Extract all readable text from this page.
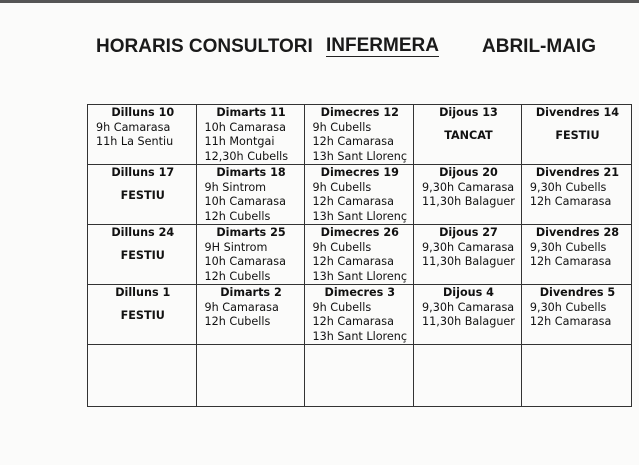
HORARIS CONSULTORI INFERMERA ABRIL-MAIG
Dilluns 10
9h Camarasa
11h La Sentiu	Dimarts 11
10h Camarasa
11h Montgai
12,30h Cubells	Dimecres 12
9h Cubells
12h Camarasa
13h Sant Llorenç	Dijous 13
TANCAT	Divendres 14
FESTIU

Dilluns 17
FESTIU	Dimarts 18
9h Sintrom
10h Camarasa
12h Cubells	Dimecres 19
9h Cubells
12h Camarasa
13h Sant Llorenç	Dijous 20
9,30h Camarasa
11,30h Balaguer	Divendres 21
9,30h Cubells
12h Camarasa

Dilluns 24
FESTIU	Dimarts 25
9H Sintrom
10h Camarasa
12h Cubells	Dimecres 26
9h Cubells
12h Camarasa
13h Sant Llorenç	Dijous 27
9,30h Camarasa
11,30h Balaguer	Divendres 28
9,30h Cubells
12h Camarasa

Dilluns 1
FESTIU	Dimarts 2
9h Camarasa
12h Cubells	Dimecres 3
9h Cubells
12h Camarasa
13h Sant Llorenç	Dijous 4
9,30h Camarasa
11,30h Balaguer	Divendres 5
9,30h Cubells
12h Camarasa
